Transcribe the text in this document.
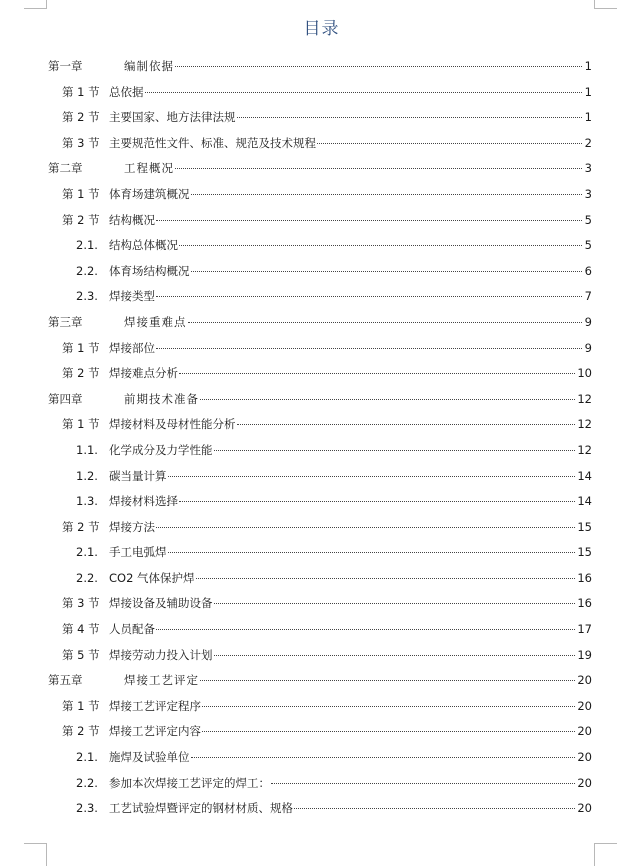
目录
第一章	编制依据	1
第 1 节 总依据	1
第 2 节 主要国家、地方法律法规	1
第 3 节 主要规范性文件、标准、规范及技术规程	2
第二章	工程概况	3
第 1 节 体育场建筑概况	3
第 2 节 结构概况	5
2.1. 结构总体概况	5
2.2. 体育场结构概况	6
2.3. 焊接类型	7
第三章	焊接重难点	9
第 1 节 焊接部位	9
第 2 节 焊接难点分析	10
第四章	前期技术准备	12
第 1 节 焊接材料及母材性能分析	12
1.1. 化学成分及力学性能	12
1.2. 碳当量计算	14
1.3. 焊接材料选择	14
第 2 节 焊接方法	15
2.1. 手工电弧焊	15
2.2. CO2 气体保护焊	16
第 3 节 焊接设备及辅助设备	16
第 4 节 人员配备	17
第 5 节 焊接劳动力投入计划	19
第五章	焊接工艺评定	20
第 1 节 焊接工艺评定程序	20
第 2 节 焊接工艺评定内容	20
2.1. 施焊及试验单位	20
2.2. 参加本次焊接工艺评定的焊工：	20
2.3. 工艺试验焊暨评定的钢材材质、规格	20
